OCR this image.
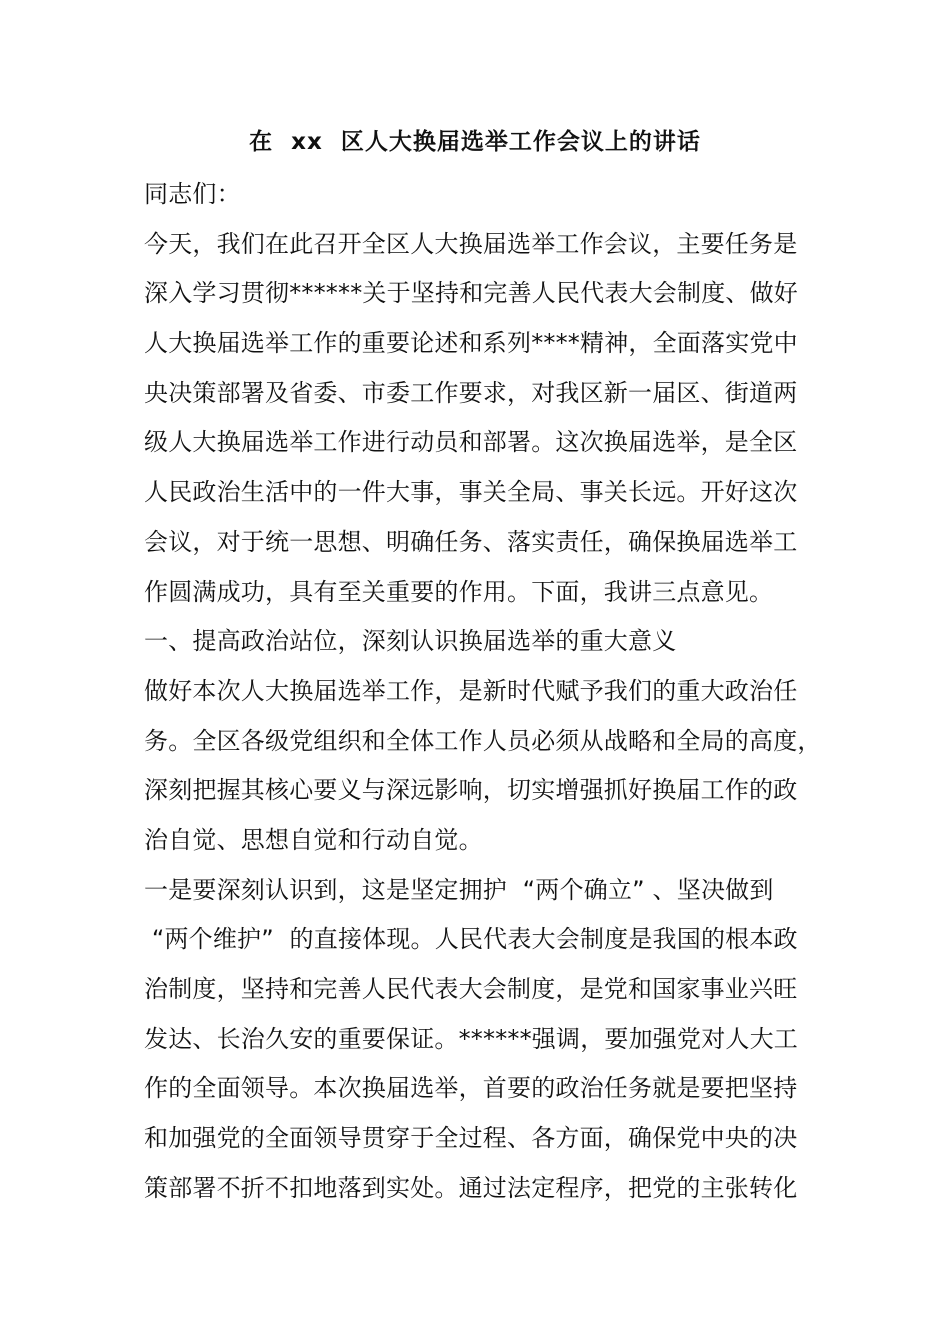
在  xx  区人大换届选举工作会议上的讲话
同志们：
今天，我们在此召开全区人大换届选举工作会议，主要任务是
深入学习贯彻******关于坚持和完善人民代表大会制度、做好
人大换届选举工作的重要论述和系列****精神，全面落实党中
央决策部署及省委、市委工作要求，对我区新一届区、街道两
级人大换届选举工作进行动员和部署。这次换届选举，是全区
人民政治生活中的一件大事，事关全局、事关长远。开好这次
会议，对于统一思想、明确任务、落实责任，确保换届选举工
作圆满成功，具有至关重要的作用。下面，我讲三点意见。
一、提高政治站位，深刻认识换届选举的重大意义
做好本次人大换届选举工作，是新时代赋予我们的重大政治任
务。全区各级党组织和全体工作人员必须从战略和全局的高度，
深刻把握其核心要义与深远影响，切实增强抓好换届工作的政
治自觉、思想自觉和行动自觉。
一是要深刻认识到，这是坚定拥护  “两个确立” 、坚决做到
“两个维护”  的直接体现。人民代表大会制度是我国的根本政
治制度，坚持和完善人民代表大会制度，是党和国家事业兴旺
发达、长治久安的重要保证。******强调，要加强党对人大工
作的全面领导。本次换届选举，首要的政治任务就是要把坚持
和加强党的全面领导贯穿于全过程、各方面，确保党中央的决
策部署不折不扣地落到实处。通过法定程序，把党的主张转化
